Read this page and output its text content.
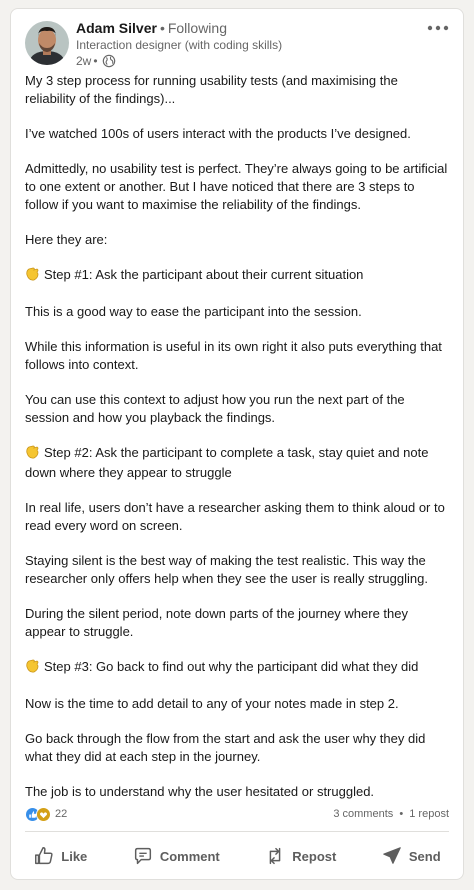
Adam Silver • Following
Interaction designer (with coding skills)
2w •

My 3 step process for running usability tests (and maximising the reliability of the findings)...

I’ve watched 100s of users interact with the products I’ve designed.

Admittedly, no usability test is perfect. They’re always going to be artificial to one extent or another. But I have noticed that there are 3 steps to follow if you want to maximise the reliability of the findings.

Here they are:

Step #1: Ask the participant about their current situation

This is a good way to ease the participant into the session.

While this information is useful in its own right it also puts everything that follows into context.

You can use this context to adjust how you run the next part of the session and how you playback the findings.

Step #2: Ask the participant to complete a task, stay quiet and note down where they appear to struggle

In real life, users don’t have a researcher asking them to think aloud or to read every word on screen.

Staying silent is the best way of making the test realistic. This way the researcher only offers help when they see the user is really struggling.

During the silent period, note down parts of the journey where they appear to struggle.

Step #3: Go back to find out why the participant did what they did

Now is the time to add detail to any of your notes made in step 2.

Go back through the flow from the start and ask the user why they did what they did at each step in the journey.

The job is to understand why the user hesitated or struggled.

22	3 comments • 1 repost
Like	Comment	Repost	Send
